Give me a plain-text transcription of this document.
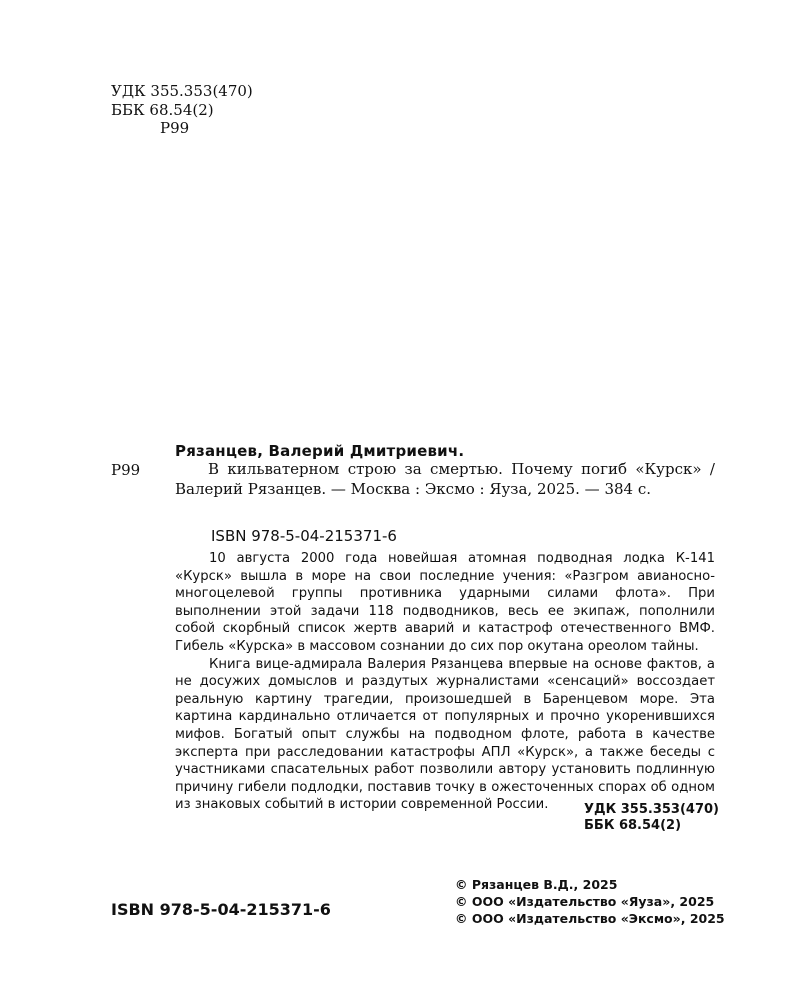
УДК 355.353(470)
ББК 68.54(2)
Р99
Рязанцев, Валерий Дмитриевич.
Р99	В кильватерном строю за смертью. Почему погиб «Курск» / Валерий Рязанцев. — Москва : Эксмо : Яуза, 2025. — 384 с.
ISBN 978-5-04-215371-6

10 августа 2000 года новейшая атомная подводная лодка К-141 «Курск» вышла в море на свои последние учения: «Разгром авианосно-многоцелевой группы противника ударными силами флота». При выполнении этой задачи 118 подводников, весь ее экипаж, пополнили собой скорбный список жертв аварий и катастроф отечественного ВМФ. Гибель «Курска» в массовом сознании до сих пор окутана ореолом тайны.

Книга вице-адмирала Валерия Рязанцева впервые на основе фактов, а не досужих домыслов и раздутых журналистами «сенсаций» воссоздает реальную картину трагедии, произошедшей в Баренцевом море. Эта картина кардинально отличается от популярных и прочно укоренившихся мифов. Богатый опыт службы на подводном флоте, работа в качестве эксперта при расследовании катастрофы АПЛ «Курск», а также беседы с участниками спасательных работ позволили автору установить подлинную причину гибели подлодки, поставив точку в ожесточенных спорах об одном из знаковых событий в истории современной России.	УДК 355.353(470)
ББК 68.54(2)
© Рязанцев В.Д., 2025
© ООО «Издательство «Яуза», 2025
© ООО «Издательство «Эксмо», 2025
ISBN 978-5-04-215371-6
